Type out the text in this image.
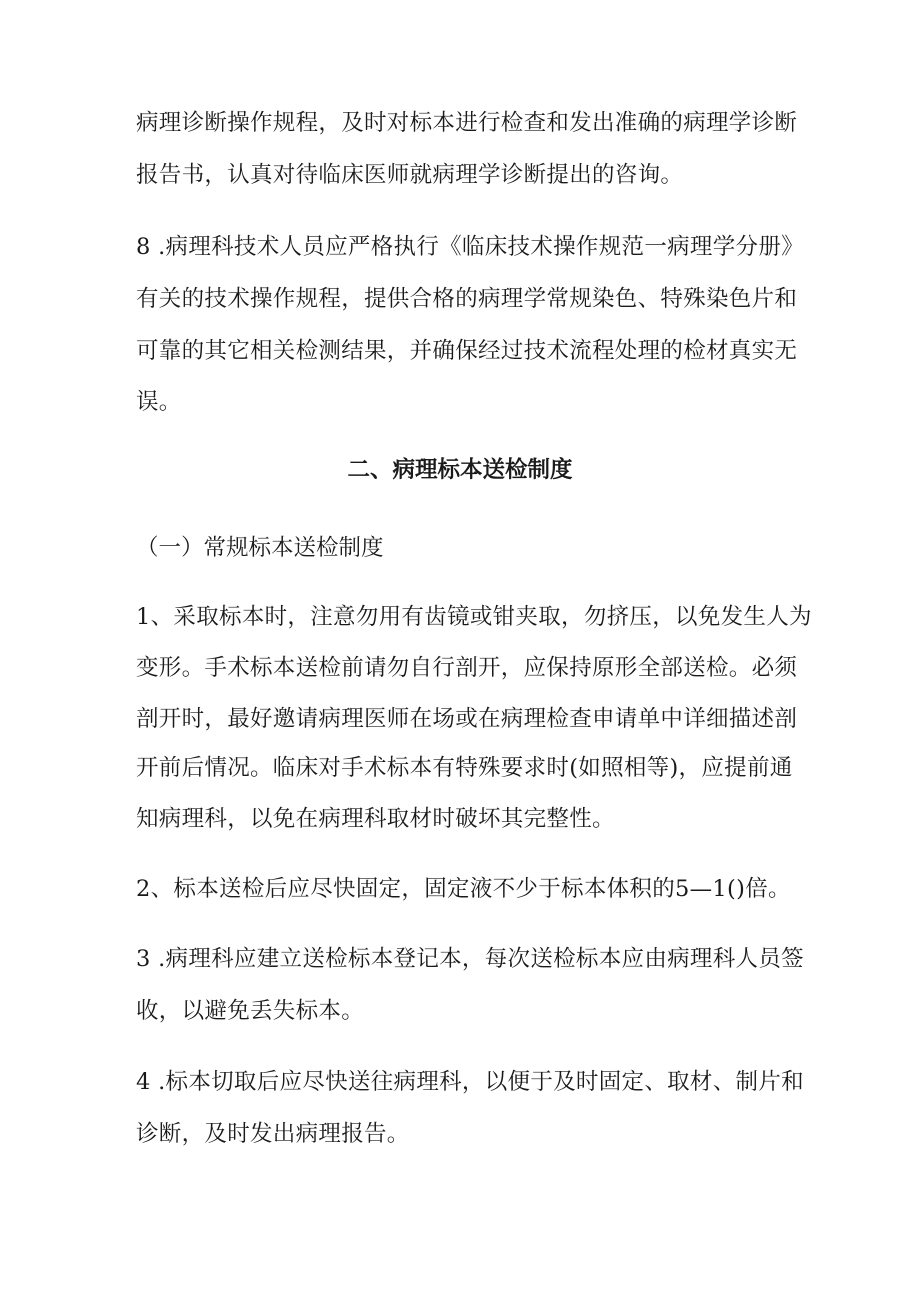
病理诊断操作规程，及时对标本进行检查和发出准确的病理学诊断
报告书，认真对待临床医师就病理学诊断提出的咨询。
8 .病理科技术人员应严格执行《临床技术操作规范一病理学分册》
有关的技术操作规程，提供合格的病理学常规染色、特殊染色片和
可靠的其它相关检测结果，并确保经过技术流程处理的检材真实无
误。
二、病理标本送检制度
（一）常规标本送检制度
1、采取标本时，注意勿用有齿镜或钳夹取，勿挤压，以免发生人为
变形。手术标本送检前请勿自行剖开，应保持原形全部送检。必须
剖开时，最好邀请病理医师在场或在病理检查申请单中详细描述剖
开前后情况。临床对手术标本有特殊要求时(如照相等)，应提前通
知病理科，以免在病理科取材时破坏其完整性。
2、标本送检后应尽快固定，固定液不少于标本体积的5—1()倍。
3 .病理科应建立送检标本登记本，每次送检标本应由病理科人员签
收，以避免丢失标本。
4 .标本切取后应尽快送往病理科，以便于及时固定、取材、制片和
诊断，及时发出病理报告。
